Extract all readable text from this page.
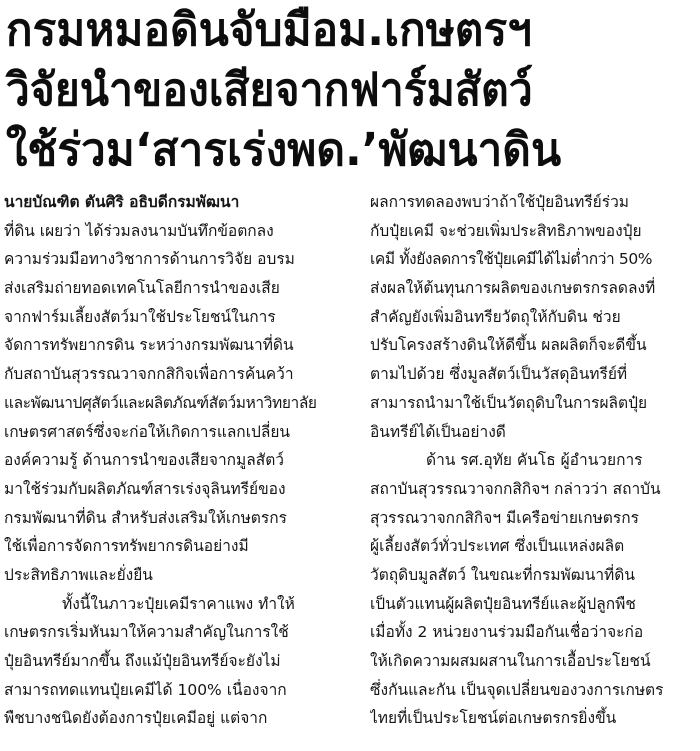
กรมหมอดินจับมือม.เกษตรฯ
วิจัยนำของเสียจากฟาร์มสัตว์
ใช้ร่วม‘สารเร่งพด.’พัฒนาดิน
นายบัณฑิต ตันศิริ อธิบดีกรมพัฒนา
ที่ดิน เผยว่า ได้ร่วมลงนามบันทึกข้อตกลง
ความร่วมมือทางวิชาการด้านการวิจัย อบรม
ส่งเสริมถ่ายทอดเทคโนโลยีการนำของเสีย
จากฟาร์มเลี้ยงสัตว์มาใช้ประโยชน์ในการ
จัดการทรัพยากรดิน ระหว่างกรมพัฒนาที่ดิน
กับสถาบันสุวรรณวาจกกสิกิจเพื่อการค้นคว้า
และพัฒนาปศุสัตว์และผลิตภัณฑ์สัตว์มหาวิทยาลัย
เกษตรศาสตร์ซึ่งจะก่อให้เกิดการแลกเปลี่ยน
องค์ความรู้ ด้านการนำของเสียจากมูลสัตว์
มาใช้ร่วมกับผลิตภัณฑ์สารเร่งจุลินทรีย์ของ
กรมพัฒนาที่ดิน สำหรับส่งเสริมให้เกษตรกร
ใช้เพื่อการจัดการทรัพยากรดินอย่างมี
ประสิทธิภาพและยั่งยืน
ทั้งนี้ในภาวะปุ๋ยเคมีราคาแพง ทำให้
เกษตรกรเริ่มหันมาให้ความสำคัญในการใช้
ปุ๋ยอินทรีย์มากขึ้น ถึงแม้ปุ๋ยอินทรีย์จะยังไม่
สามารถทดแทนปุ๋ยเคมีได้ 100% เนื่องจาก
พืชบางชนิดยังต้องการปุ๋ยเคมีอยู่ แต่จาก
ผลการทดลองพบว่าถ้าใช้ปุ๋ยอินทรีย์ร่วม
กับปุ๋ยเคมี จะช่วยเพิ่มประสิทธิภาพของปุ๋ย
เคมี ทั้งยังลดการใช้ปุ๋ยเคมีได้ไม่ต่ำกว่า 50%
ส่งผลให้ต้นทุนการผลิตของเกษตรกรลดลงที่
สำคัญยังเพิ่มอินทรียวัตถุให้กับดิน ช่วย
ปรับโครงสร้างดินให้ดีขึ้น ผลผลิตก็จะดีขึ้น
ตามไปด้วย ซึ่งมูลสัตว์เป็นวัสดุอินทรีย์ที่
สามารถนำมาใช้เป็นวัตถุดิบในการผลิตปุ๋ย
อินทรีย์ได้เป็นอย่างดี
ด้าน รศ.อุทัย คันโธ ผู้อำนวยการ
สถาบันสุวรรณวาจกกสิกิจฯ กล่าวว่า สถาบัน
สุวรรณวาจกกสิกิจฯ มีเครือข่ายเกษตรกร
ผู้เลี้ยงสัตว์ทั่วประเทศ ซึ่งเป็นแหล่งผลิต
วัตถุดิบมูลสัตว์ ในขณะที่กรมพัฒนาที่ดิน
เป็นตัวแทนผู้ผลิตปุ๋ยอินทรีย์และผู้ปลูกพืช
เมื่อทั้ง 2 หน่วยงานร่วมมือกันเชื่อว่าจะก่อ
ให้เกิดความผสมผสานในการเอื้อประโยชน์
ซึ่งกันและกัน เป็นจุดเปลี่ยนของวงการเกษตร
ไทยที่เป็นประโยชน์ต่อเกษตรกรยิ่งขึ้น
